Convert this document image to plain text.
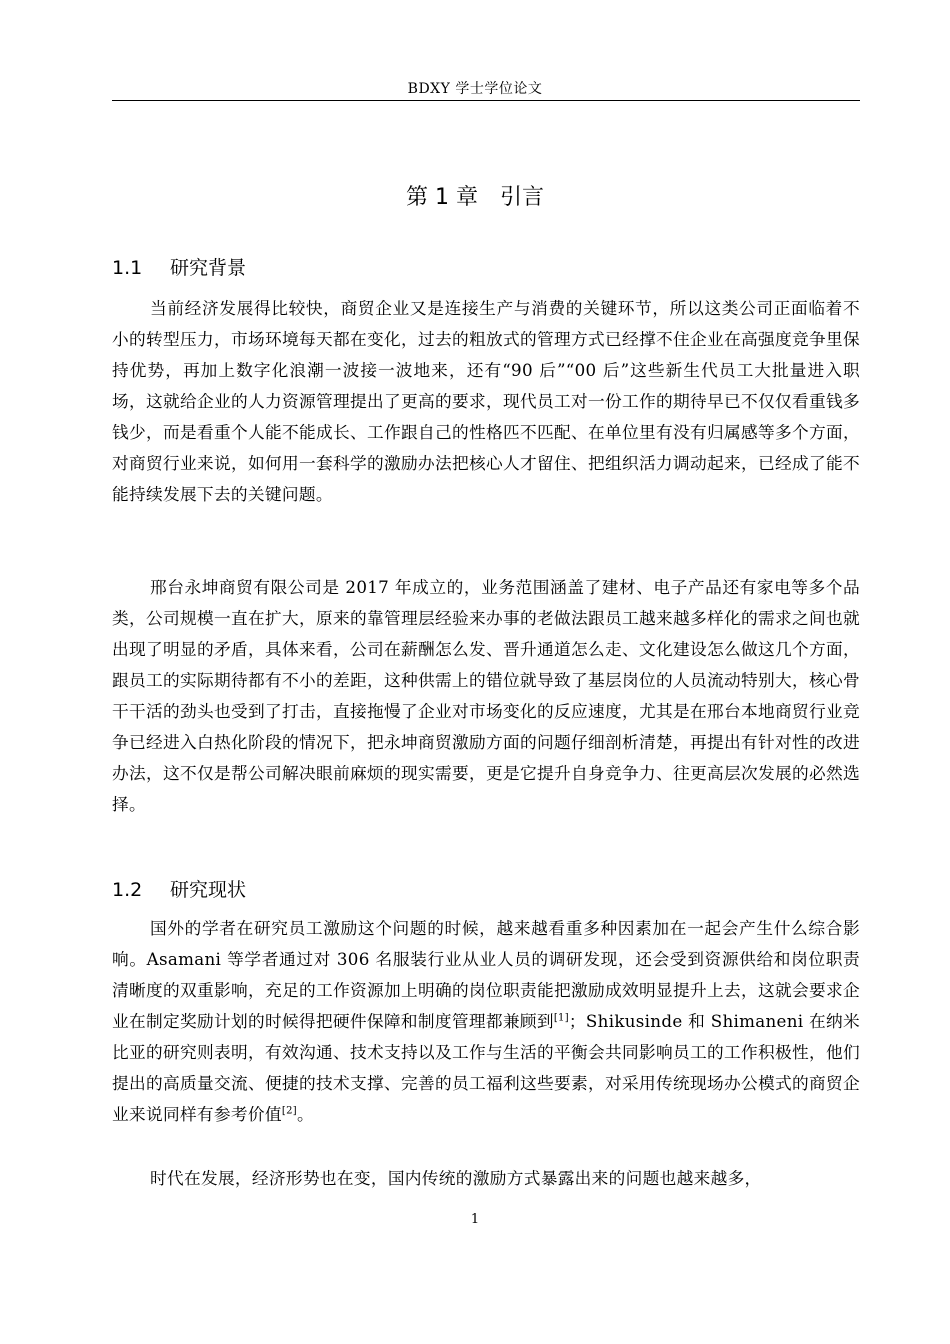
BDXY 学士学位论文
第 1 章 引言
1.1 研究背景

当前经济发展得比较快，商贸企业又是连接生产与消费的关键环节，所以这类公司正面临着不小的转型压力，市场环境每天都在变化，过去的粗放式的管理方式已经撑不住企业在高强度竞争里保持优势，再加上数字化浪潮一波接一波地来，还有“90 后”“00 后”这些新生代员工大批量进入职场，这就给企业的人力资源管理提出了更高的要求，现代员工对一份工作的期待早已不仅仅看重钱多钱少，而是看重个人能不能成长、工作跟自己的性格匹不匹配、在单位里有没有归属感等多个方面，对商贸行业来说，如何用一套科学的激励办法把核心人才留住、把组织活力调动起来，已经成了能不能持续发展下去的关键问题。

邢台永坤商贸有限公司是 2017 年成立的，业务范围涵盖了建材、电子产品还有家电等多个品类，公司规模一直在扩大，原来的靠管理层经验来办事的老做法跟员工越来越多样化的需求之间也就出现了明显的矛盾，具体来看，公司在薪酬怎么发、晋升通道怎么走、文化建设怎么做这几个方面，跟员工的实际期待都有不小的差距，这种供需上的错位就导致了基层岗位的人员流动特别大，核心骨干干活的劲头也受到了打击，直接拖慢了企业对市场变化的反应速度，尤其是在邢台本地商贸行业竞争已经进入白热化阶段的情况下，把永坤商贸激励方面的问题仔细剖析清楚，再提出有针对性的改进办法，这不仅是帮公司解决眼前麻烦的现实需要，更是它提升自身竞争力、往更高层次发展的必然选择。

1.2 研究现状

国外的学者在研究员工激励这个问题的时候，越来越看重多种因素加在一起会产生什么综合影响。Asamani 等学者通过对 306 名服装行业从业人员的调研发现，还会受到资源供给和岗位职责清晰度的双重影响，充足的工作资源加上明确的岗位职责能把激励成效明显提升上去，这就会要求企业在制定奖励计划的时候得把硬件保障和制度管理都兼顾到[1]；Shikusinde 和 Shimaneni 在纳米比亚的研究则表明，有效沟通、技术支持以及工作与生活的平衡会共同影响员工的工作积极性，他们提出的高质量交流、便捷的技术支撑、完善的员工福利这些要素，对采用传统现场办公模式的商贸企业来说同样有参考价值[2]。

时代在发展，经济形势也在变，国内传统的激励方式暴露出来的问题也越来越多，

1
